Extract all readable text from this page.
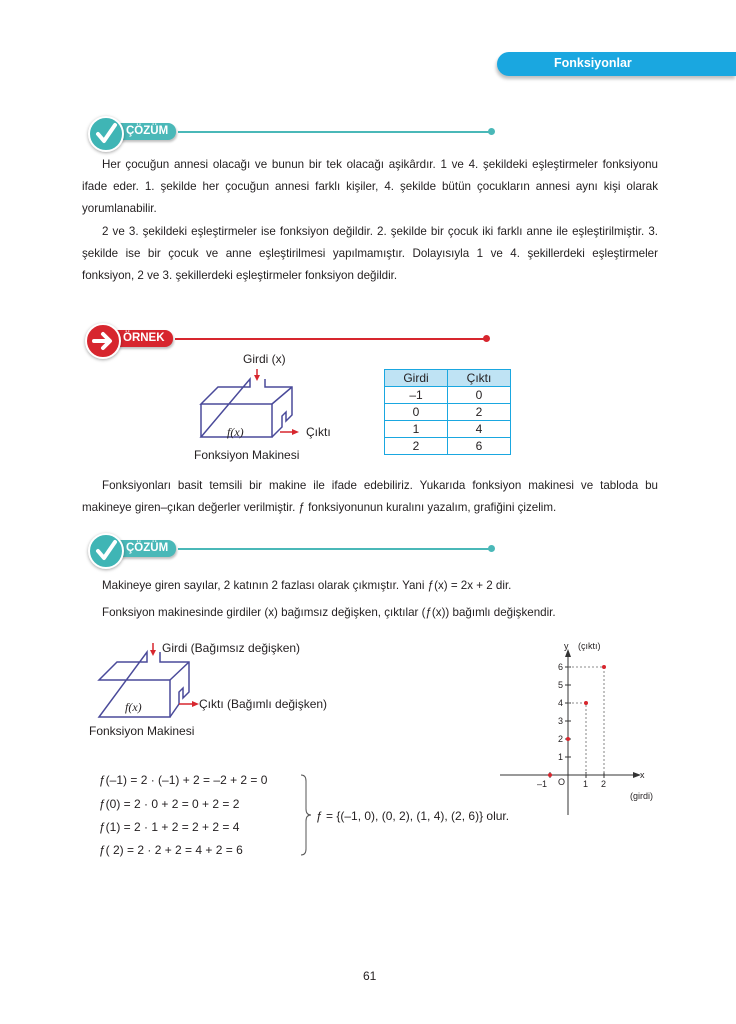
Fonksiyonlar
ÇÖZÜM

Her çocuğun annesi olacağı ve bunun bir tek olacağı aşikârdır. 1 ve 4. şekildeki eşleştirmeler fonksiyonu ifade eder. 1. şekilde her çocuğun annesi farklı kişiler, 4. şekilde bütün çocukların annesi aynı kişi olarak yorumlanabilir.

2 ve 3. şekildeki eşleştirmeler ise fonksiyon değildir. 2. şekilde bir çocuk iki farklı anne ile eşleştirilmiştir. 3. şekilde ise bir çocuk ve anne eşleştirilmesi yapılmamıştır. Dolayısıyla 1 ve 4. şekillerdeki eşleştirmeler fonksiyon, 2 ve 3. şekillerdeki eşleştirmeler fonksiyon değildir.

ÖRNEK
Girdi (x)
f(x)	Çıktı
Fonksiyon Makinesi
Girdi	Çıktı
–1	0
0	2
1	4
2	6

Fonksiyonları basit temsili bir makine ile ifade edebiliriz. Yukarıda fonksiyon makinesi ve tabloda bu makineye giren–çıkan değerler verilmiştir. ƒ fonksiyonunun kuralını yazalım, grafiğini çizelim.

ÇÖZÜM

Makineye giren sayılar, 2 katının 2 fazlası olarak çıkmıştır. Yani ƒ(x) = 2x + 2 dir.

Fonksiyon makinesinde girdiler (x) bağımsız değişken, çıktılar (ƒ(x)) bağımlı değişkendir.

Girdi (Bağımsız değişken)
f(x)	Çıktı (Bağımlı değişken)
Fonksiyon Makinesi
ƒ(–1) = 2 · (–1) + 2 = –2 + 2 = 0
ƒ(0) = 2 · 0 + 2 = 0 + 2 = 2
ƒ(1) = 2 · 1 + 2 = 2 + 2 = 4
ƒ( 2) = 2 · 2 + 2 = 4 + 2 = 6
ƒ = {(–1, 0), (0, 2), (1, 4), (2, 6)} olur.
y (çıktı)
1
2
3
4
5
6
–1 O 1 2
x
(girdi)
61
